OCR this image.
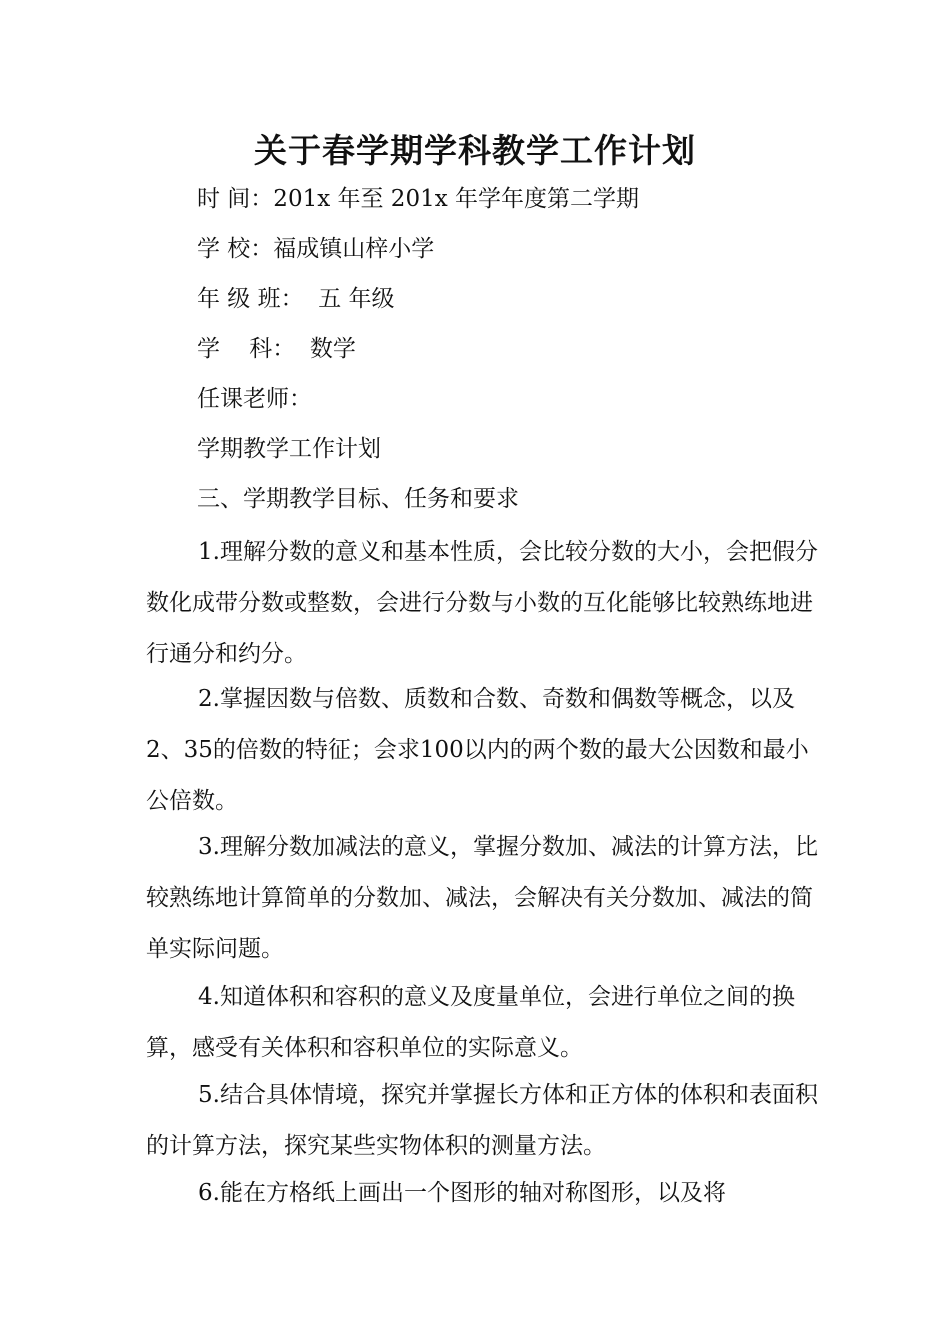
关于春学期学科教学工作计划
时 间：201x 年至 201x 年学年度第二学期
学 校：福成镇山梓小学
年 级 班：  五 年级
学    科：  数学
任课老师：
学期教学工作计划
三、学期教学目标、任务和要求

1.理解分数的意义和基本性质，会比较分数的大小，会把假分数化成带分数或整数，会进行分数与小数的互化能够比较熟练地进行通分和约分。

2.掌握因数与倍数、质数和合数、奇数和偶数等概念，以及2、35的倍数的特征；会求100以内的两个数的最大公因数和最小公倍数。

3.理解分数加减法的意义，掌握分数加、减法的计算方法，比较熟练地计算简单的分数加、减法，会解决有关分数加、减法的简单实际问题。

4.知道体积和容积的意义及度量单位，会进行单位之间的换算，感受有关体积和容积单位的实际意义。

5.结合具体情境，探究并掌握长方体和正方体的体积和表面积的计算方法，探究某些实物体积的测量方法。

6.能在方格纸上画出一个图形的轴对称图形，以及将
